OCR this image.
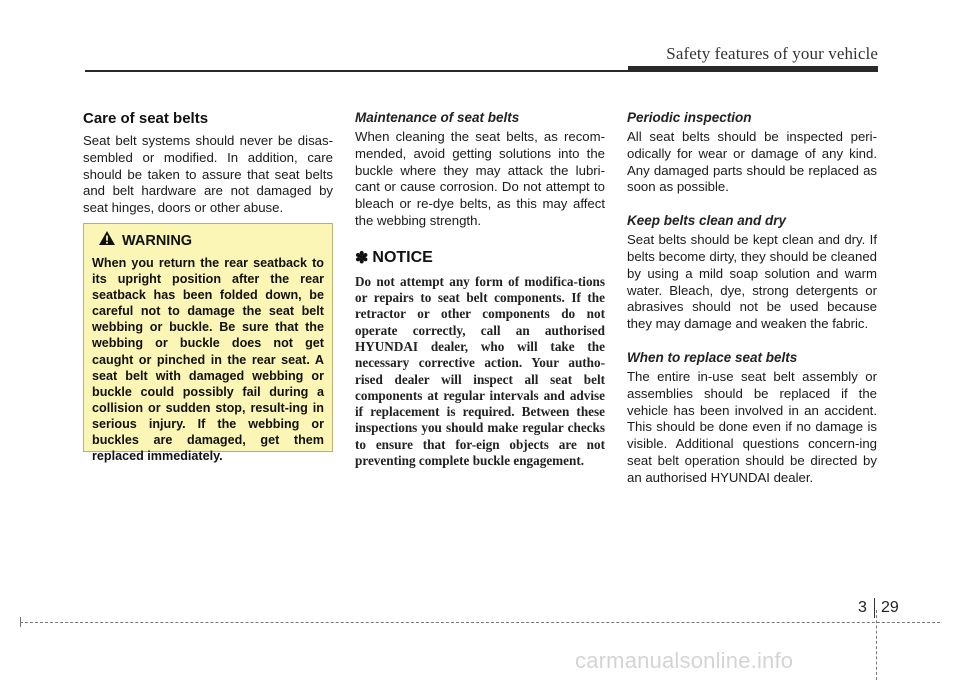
Safety features of your vehicle
Care of seat belts
Seat belt systems should never be disas-sembled or modified. In addition, care should be taken to assure that seat belts and belt hardware are not damaged by seat hinges, doors or other abuse.
WARNING
When you return the rear seatback to its upright position after the rear seatback has been folded down, be careful not to damage the seat belt webbing or buckle. Be sure that the webbing or buckle does not get caught or pinched in the rear seat. A seat belt with damaged webbing or buckle could possibly fail during a collision or sudden stop, result-ing in serious injury. If the webbing or buckles are damaged, get them replaced immediately.
Maintenance of seat belts
When cleaning the seat belts, as recom-mended, avoid getting solutions into the buckle where they may attack the lubri-cant or cause corrosion. Do not attempt to bleach or re-dye belts, as this may affect the webbing strength.
✽ NOTICE
Do not attempt any form of modifica-tions or repairs to seat belt components. If the retractor or other components do not operate correctly, call an authorised HYUNDAI dealer, who will take the necessary corrective action. Your autho-rised dealer will inspect all seat belt components at regular intervals and advise if replacement is required. Between these inspections you should make regular checks to ensure that for-eign objects are not preventing complete buckle engagement.
Periodic inspection
All seat belts should be inspected peri-odically for wear or damage of any kind. Any damaged parts should be replaced as soon as possible.
Keep belts clean and dry
Seat belts should be kept clean and dry. If belts become dirty, they should be cleaned by using a mild soap solution and warm water. Bleach, dye, strong detergents or abrasives should not be used because they may damage and weaken the fabric.
When to replace seat belts
The entire in-use seat belt assembly or assemblies should be replaced if the vehicle has been involved in an accident. This should be done even if no damage is visible. Additional questions concern-ing seat belt operation should be directed by an authorised HYUNDAI dealer.
3 29
carmanualsonline.info
